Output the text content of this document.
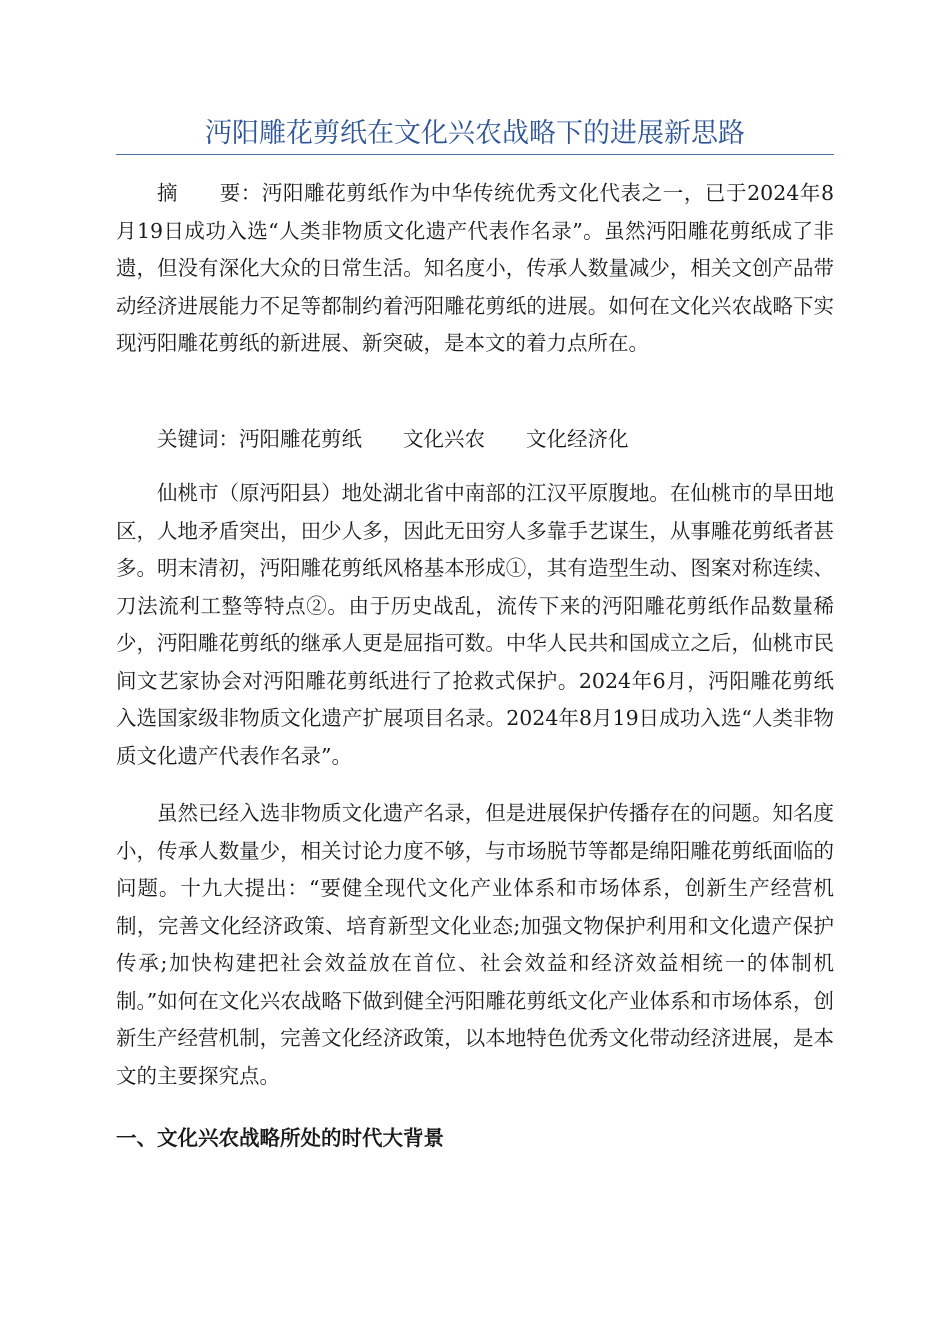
沔阳雕花剪纸在文化兴农战略下的进展新思路
摘 要：沔阳雕花剪纸作为中华传统优秀文化代表之一，已于2024年8月19日成功入选“人类非物质文化遗产代表作名录”。虽然沔阳雕花剪纸成了非遗，但没有深化大众的日常生活。知名度小，传承人数量减少，相关文创产品带动经济进展能力不足等都制约着沔阳雕花剪纸的进展。如何在文化兴农战略下实现沔阳雕花剪纸的新进展、新突破，是本文的着力点所在。
关键词：沔阳雕花剪纸 文化兴农 文化经济化
仙桃市（原沔阳县）地处湖北省中南部的江汉平原腹地。在仙桃市的旱田地区，人地矛盾突出，田少人多，因此无田穷人多靠手艺谋生，从事雕花剪纸者甚多。明末清初，沔阳雕花剪纸风格基本形成①，其有造型生动、图案对称连续、刀法流利工整等特点②。由于历史战乱，流传下来的沔阳雕花剪纸作品数量稀少，沔阳雕花剪纸的继承人更是屈指可数。中华人民共和国成立之后，仙桃市民间文艺家协会对沔阳雕花剪纸进行了抢救式保护。2024年6月，沔阳雕花剪纸入选国家级非物质文化遗产扩展项目名录。2024年8月19日成功入选“人类非物质文化遗产代表作名录”。
虽然已经入选非物质文化遗产名录，但是进展保护传播存在的问题。知名度小，传承人数量少，相关讨论力度不够，与市场脱节等都是绵阳雕花剪纸面临的问题。十九大提出：“要健全现代文化产业体系和市场体系，创新生产经营机制，完善文化经济政策、培育新型文化业态;加强文物保护利用和文化遗产保护传承;加快构建把社会效益放在首位、社会效益和经济效益相统一的体制机制。”如何在文化兴农战略下做到健全沔阳雕花剪纸文化产业体系和市场体系，创新生产经营机制，完善文化经济政策，以本地特色优秀文化带动经济进展，是本文的主要探究点。
一、文化兴农战略所处的时代大背景
